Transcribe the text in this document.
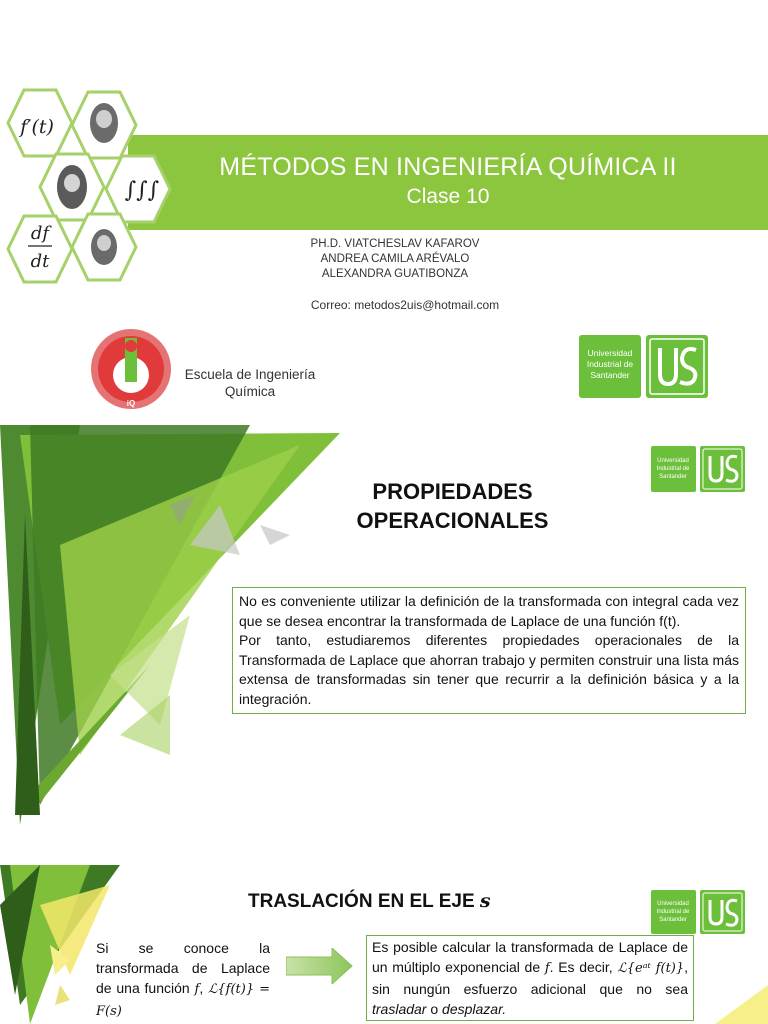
MÉTODOS EN INGENIERÍA QUÍMICA II
Clase 10
f′(t)
∫∫∫
df
dt
PH.D. VIATCHESLAV KAFAROV
ANDREA CAMILA ARÉVALO
ALEXANDRA GUATIBONZA
Correo: metodos2uis@hotmail.com
iQ
Escuela de Ingeniería
Química
Universidad
Industrial de
Santander
Universidad
Industrial de
Santander
PROPIEDADES
OPERACIONALES

No es conveniente utilizar la definición de la transformada con integral cada vez que se desea encontrar la transformada de Laplace de una función f(t).

Por tanto, estudiaremos diferentes propiedades operacionales de la Transformada de Laplace que ahorran trabajo y permiten construir una lista más extensa de transformadas sin tener que recurrir a la definición básica y a la integración.

Universidad
Industrial de
Santander
TRASLACIÓN EN EL EJE s
Si se conoce la transformada de Laplace de una función f, ℒ{f(t)} = F(s)
Es posible calcular la transformada de Laplace de un múltiplo exponencial de f. Es decir, ℒ{eᵃᵗ f(t)}, sin nungún esfuerzo adicional que no sea trasladar o desplazar.
